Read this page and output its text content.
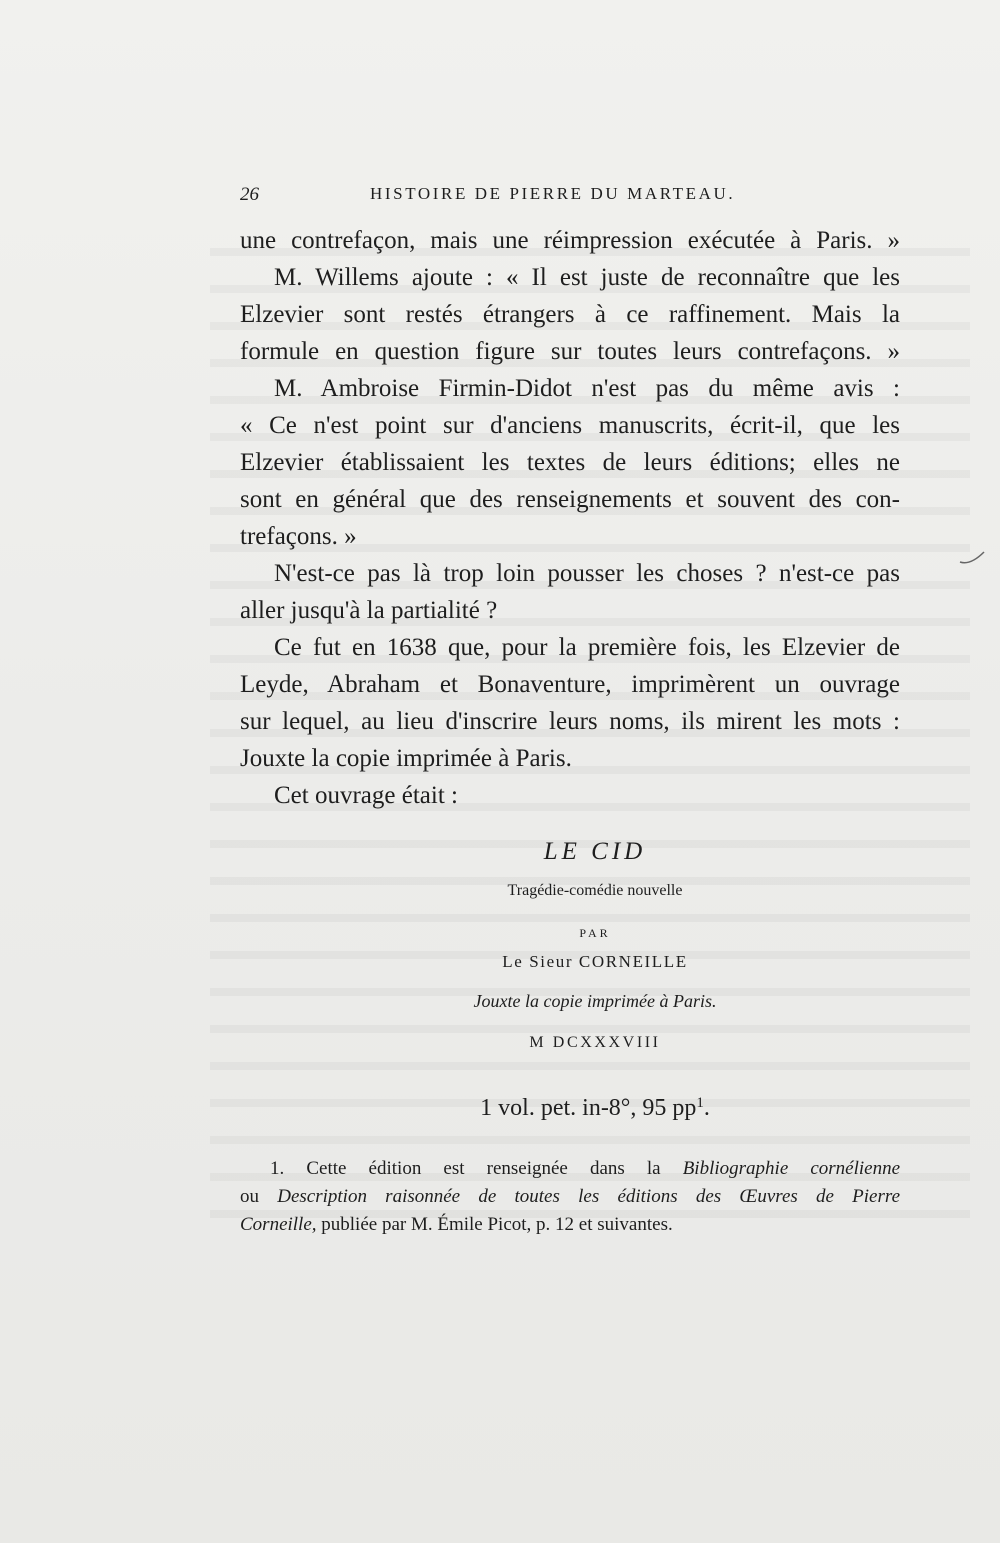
26	HISTOIRE DE PIERRE DU MARTEAU.
une contrefaçon, mais une réimpression exécutée à Paris. »
M. Willems ajoute : « Il est juste de reconnaître que les
Elzevier sont restés étrangers à ce raffinement. Mais la
formule en question figure sur toutes leurs contrefaçons. »
M. Ambroise Firmin-Didot n'est pas du même avis :
« Ce n'est point sur d'anciens manuscrits, écrit-il, que les
Elzevier établissaient les textes de leurs éditions; elles ne
sont en général que des renseignements et souvent des con-
trefaçons. »
N'est-ce pas là trop loin pousser les choses ? n'est-ce pas
aller jusqu'à la partialité ?
Ce fut en 1638 que, pour la première fois, les Elzevier de
Leyde, Abraham et Bonaventure, imprimèrent un ouvrage
sur lequel, au lieu d'inscrire leurs noms, ils mirent les mots :
Jouxte la copie imprimée à Paris.
Cet ouvrage était :
LE CID
Tragédie-comédie nouvelle
PAR
Le Sieur CORNEILLE
Jouxte la copie imprimée à Paris.
M DCXXXVIII
1 vol. pet. in-8°, 95 $pp^1$.
1. Cette édition est renseignée dans la Bibliographie cornélienne
ou Description raisonnée de toutes les éditions des Œuvres de Pierre
Corneille, publiée par M. Émile Picot, p. 12 et suivantes.
